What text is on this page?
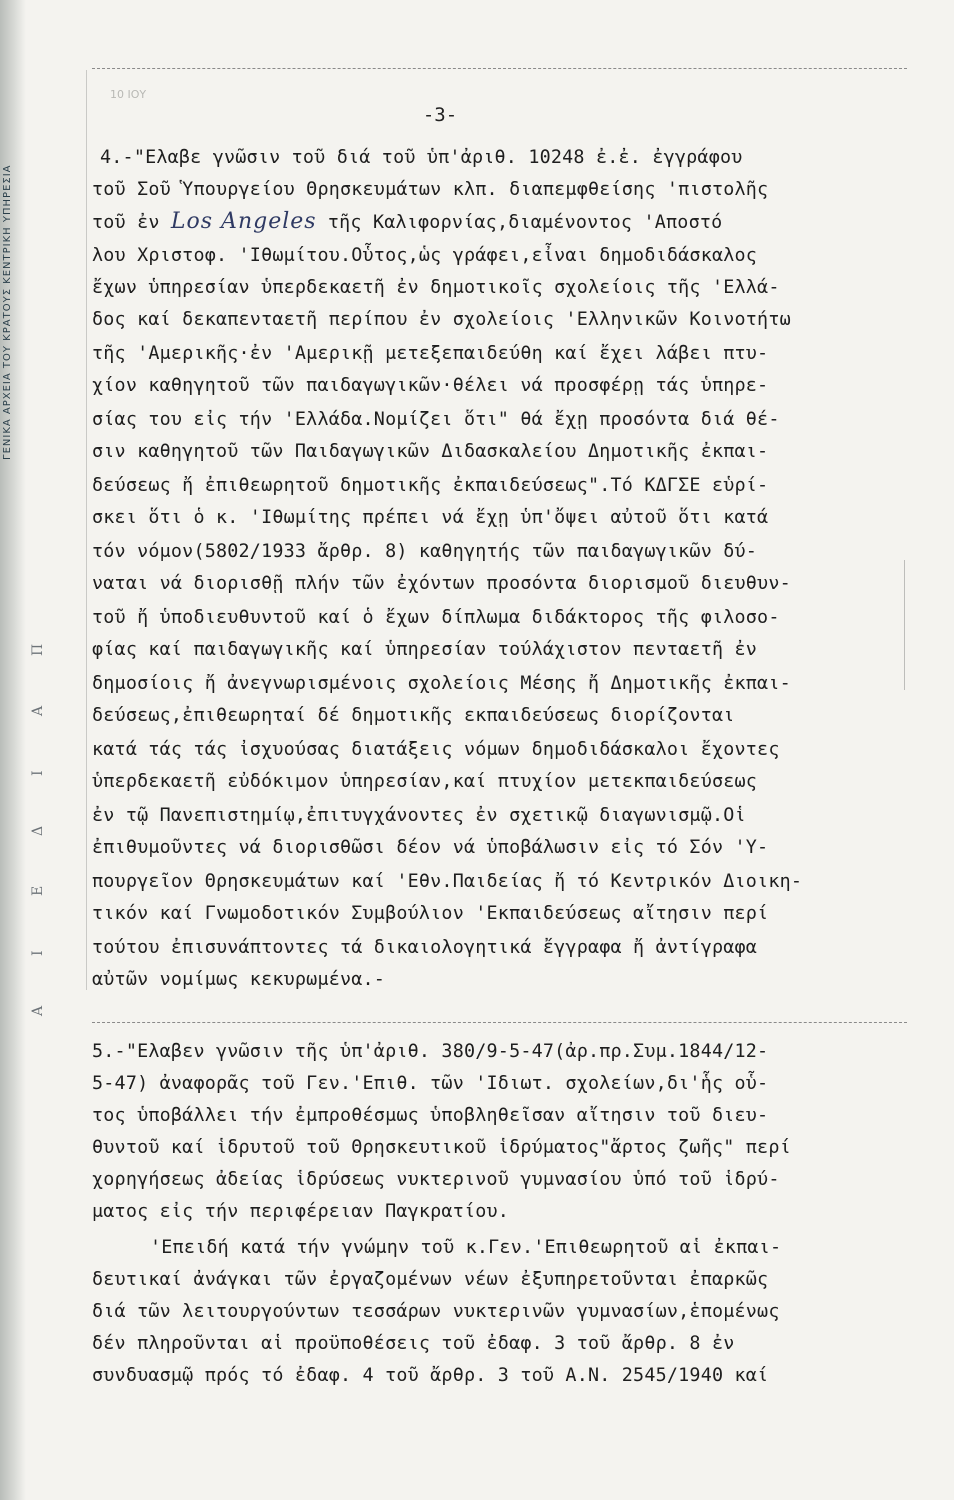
ΓΕΝΙΚΑ ΑΡΧΕΙΑ ΤΟΥ ΚΡΑΤΟΥΣ ΚΕΝΤΡΙΚΗ ΥΠΗΡΕΣΙΑ
Π
Α
Ι
Δ
Ε
Ι
Α
10 ΙΟΥ
-3-
4.-"Ελαβε γνῶσιν τοῦ διά τοῦ ὑπ'ἀριθ. 10248 ἐ.ἐ. ἐγγράφου
τοῦ Σοῦ Ὑπουργείου Θρησκευμάτων κλπ. διαπεμφθείσης 'πιστολῆς
τοῦ ἐν Los Angeles τῆς Καλιφορνίας,διαμένοντος 'Αποστό
λου Χριστοφ. 'Ιθωμίτου.Οὗτος,ὡς γράφει,εἶναι δημοδιδάσκαλος
ἔχων ὑπηρεσίαν ὑπερδεκαετῆ ἐν δημοτικοῖς σχολείοις τῆς 'Ελλά-
δος καί δεκαπενταετῆ περίπου ἐν σχολείοις 'Ελληνικῶν Κοινοτήτω
τῆς 'Αμερικῆς·ἐν 'Αμερικῇ μετεξεπαιδεύθη καί ἔχει λάβει πτυ-
χίον καθηγητοῦ τῶν παιδαγωγικῶν·θέλει νά προσφέρῃ τάς ὑπηρε-
σίας του εἰς τήν 'Ελλάδα.Νομίζει ὅτι" θά ἔχῃ προσόντα διά θέ-
σιν καθηγητοῦ τῶν Παιδαγωγικῶν Διδασκαλείου Δημοτικῆς ἐκπαι-
δεύσεως ἤ ἐπιθεωρητοῦ δημοτικῆς ἐκπαιδεύσεως".Τό ΚΔΓΣΕ εὑρί-
σκει ὅτι ὁ κ. 'Ιθωμίτης πρέπει νά ἔχῃ ὑπ'ὄψει αὐτοῦ ὅτι κατά
τόν νόμον(5802/1933 ἄρθρ. 8) καθηγητής τῶν παιδαγωγικῶν δύ-
ναται νά διορισθῇ πλήν τῶν ἐχόντων προσόντα διορισμοῦ διευθυν-
τοῦ ἤ ὑποδιευθυντοῦ καί ὁ ἔχων δίπλωμα διδάκτορος τῆς φιλοσο-
φίας καί παιδαγωγικῆς καί ὑπηρεσίαν τούλάχιστον πενταετῆ ἐν
δημοσίοις ἤ ἀνεγνωρισμένοις σχολείοις Μέσης ἤ Δημοτικῆς ἐκπαι-
δεύσεως,ἐπιθεωρηταί δέ δημοτικῆς εκπαιδεύσεως διορίζονται
κατά τάς τάς ἰσχυούσας διατάξεις νόμων δημοδιδάσκαλοι ἔχοντες
ὑπερδεκαετῆ εὐδόκιμον ὑπηρεσίαν,καί πτυχίον μετεκπαιδεύσεως
ἐν τῷ Πανεπιστημίῳ,ἐπιτυγχάνοντες ἐν σχετικῷ διαγωνισμῷ.Οἱ
ἐπιθυμοῦντες νά διορισθῶσι δέον νά ὑποβάλωσιν εἰς τό Σόν 'Υ-
πουργεῖον Θρησκευμάτων καί 'Εθν.Παιδείας ἤ τό Κεντρικόν Διοικη-
τικόν καί Γνωμοδοτικόν Συμβούλιον 'Εκπαιδεύσεως αἴτησιν περί
τούτου ἐπισυνάπτοντες τά δικαιολογητικά ἔγγραφα ἤ ἀντίγραφα
αὐτῶν νομίμως κεκυρωμένα.-
5.-"Ελαβεν γνῶσιν τῆς ὑπ'ἀριθ. 380/9-5-47(ἀρ.πρ.Συμ.1844/12-
5-47) ἀναφορᾶς τοῦ Γεν.'Επιθ. τῶν 'Ιδιωτ. σχολείων,δι'ἧς οὗ-
τος ὑποβάλλει τήν ἐμπροθέσμως ὑποβληθεῖσαν αἴτησιν τοῦ διευ-
θυντοῦ καί ἱδρυτοῦ τοῦ Θρησκευτικοῦ ἱδρύματος"ἄρτος ζωῆς" περί
χορηγήσεως ἀδείας ἱδρύσεως νυκτερινοῦ γυμνασίου ὑπό τοῦ ἱδρύ-
ματος εἰς τήν περιφέρειαν Παγκρατίου.
'Επειδή κατά τήν γνώμην τοῦ κ.Γεν.'Επιθεωρητοῦ αἱ ἐκπαι-
δευτικαί ἀνάγκαι τῶν ἐργαζομένων νέων ἐξυπηρετοῦνται ἐπαρκῶς
διά τῶν λειτουργούντων τεσσάρων νυκτερινῶν γυμνασίων,ἑπομένως
δέν πληροῦνται αἱ προϋποθέσεις τοῦ ἐδαφ. 3 τοῦ ἄρθρ. 8 ἐν
συνδυασμῷ πρός τό ἐδαφ. 4 τοῦ ἄρθρ. 3 τοῦ Α.Ν. 2545/1940 καί
